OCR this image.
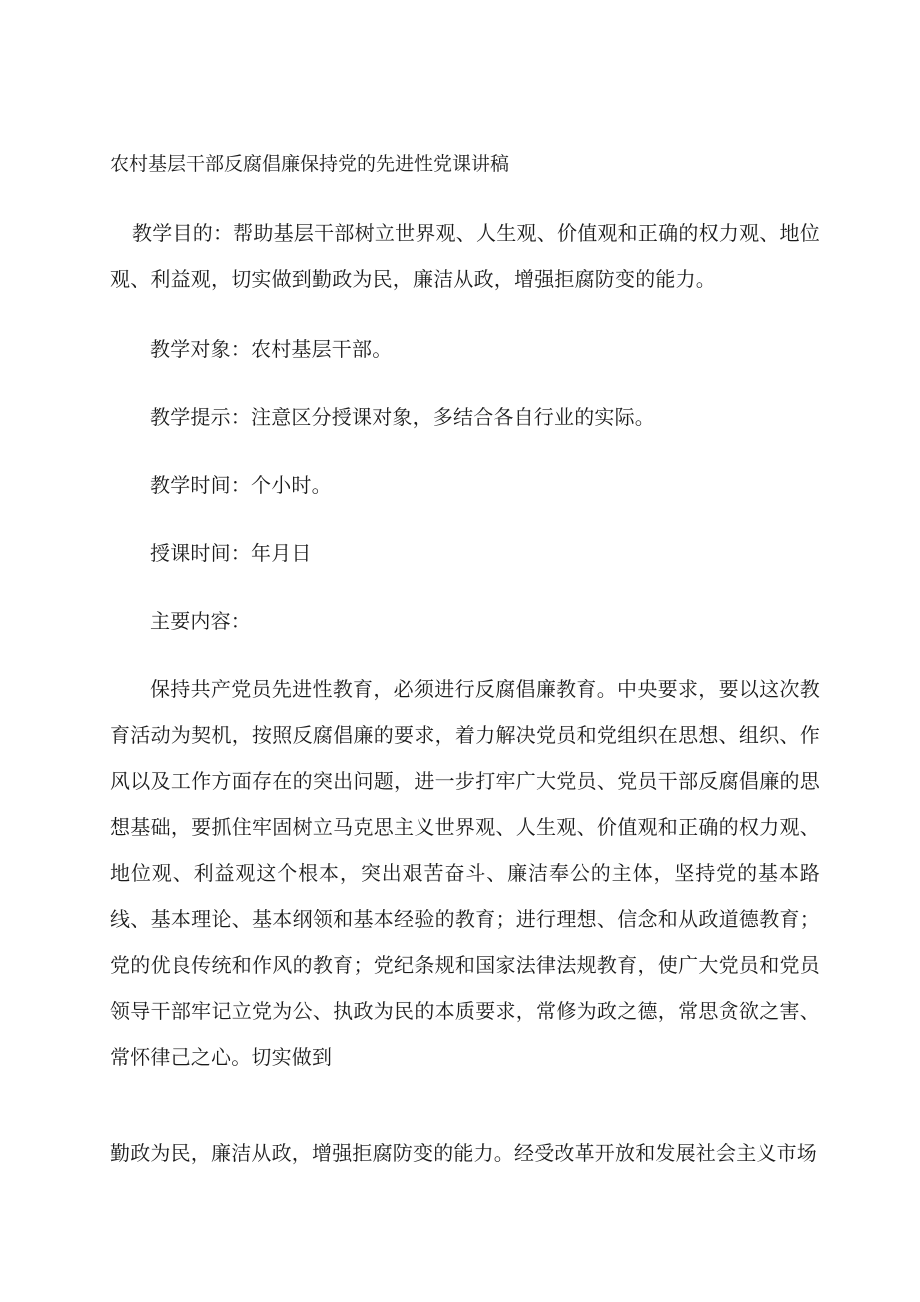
农村基层干部反腐倡廉保持党的先进性党课讲稿

教学目的：帮助基层干部树立世界观、人生观、价值观和正确的权力观、地位观、利益观，切实做到勤政为民，廉洁从政，增强拒腐防变的能力。

教学对象：农村基层干部。

教学提示：注意区分授课对象，多结合各自行业的实际。

教学时间：个小时。

授课时间：年月日

主要内容：

保持共产党员先进性教育，必须进行反腐倡廉教育。中央要求，要以这次教育活动为契机，按照反腐倡廉的要求，着力解决党员和党组织在思想、组织、作风以及工作方面存在的突出问题，进一步打牢广大党员、党员干部反腐倡廉的思想基础，要抓住牢固树立马克思主义世界观、人生观、价值观和正确的权力观、地位观、利益观这个根本，突出艰苦奋斗、廉洁奉公的主体，坚持党的基本路线、基本理论、基本纲领和基本经验的教育；进行理想、信念和从政道德教育；党的优良传统和作风的教育；党纪条规和国家法律法规教育，使广大党员和党员领导干部牢记立党为公、执政为民的本质要求，常修为政之德，常思贪欲之害、常怀律己之心。切实做到

勤政为民，廉洁从政，增强拒腐防变的能力。经受改革开放和发展社会主义市场
